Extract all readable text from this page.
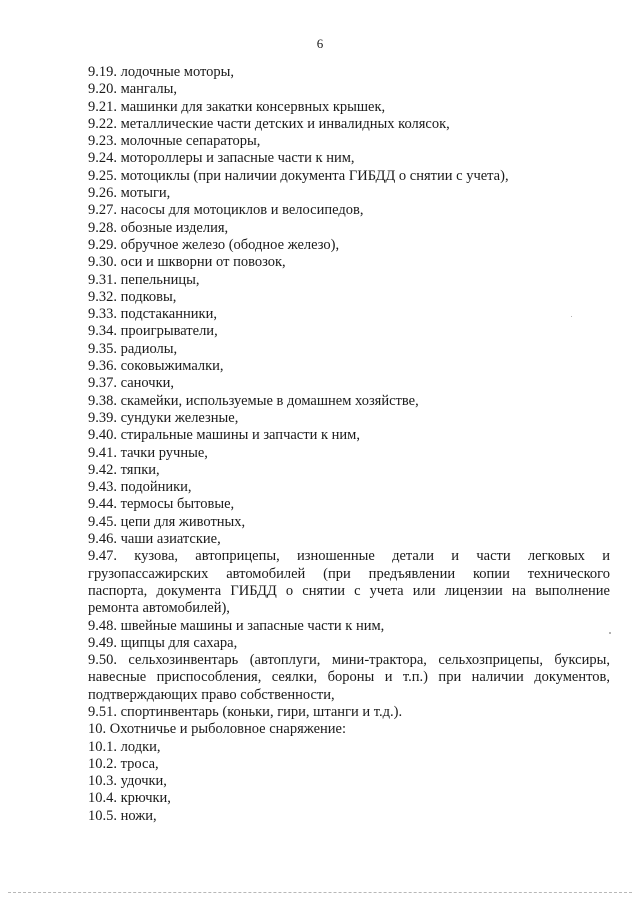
6
9.19. лодочные моторы,
9.20. мангалы,
9.21. машинки для закатки консервных крышек,
9.22. металлические части детских и инвалидных колясок,
9.23. молочные сепараторы,
9.24. мотороллеры и запасные части к ним,
9.25. мотоциклы (при наличии документа ГИБДД о снятии с учета),
9.26. мотыги,
9.27. насосы для мотоциклов и велосипедов,
9.28. обозные изделия,
9.29. обручное железо (ободное железо),
9.30. оси и шкворни от повозок,
9.31. пепельницы,
9.32. подковы,
9.33. подстаканники,
9.34. проигрыватели,
9.35. радиолы,
9.36. соковыжималки,
9.37. саночки,
9.38. скамейки, используемые в домашнем хозяйстве,
9.39. сундуки железные,
9.40. стиральные машины и запчасти к ним,
9.41. тачки ручные,
9.42. тяпки,
9.43. подойники,
9.44. термосы бытовые,
9.45. цепи для животных,
9.46. чаши азиатские,
9.47. кузова, автоприцепы, изношенные детали и части легковых и
грузопассажирских автомобилей (при предъявлении копии технического
паспорта, документа ГИБДД о снятии с учета или лицензии на выполнение
ремонта автомобилей),
9.48. швейные машины и запасные части к ним,
9.49. щипцы для сахара,
9.50. сельхозинвентарь (автоплуги, мини-трактора, сельхозприцепы, буксиры,
навесные приспособления, сеялки, бороны и т.п.) при наличии документов,
подтверждающих право собственности,
9.51. спортинвентарь (коньки, гири, штанги и т.д.).
10. Охотничье и рыболовное снаряжение:
10.1. лодки,
10.2. троса,
10.3. удочки,
10.4. крючки,
10.5. ножи,
